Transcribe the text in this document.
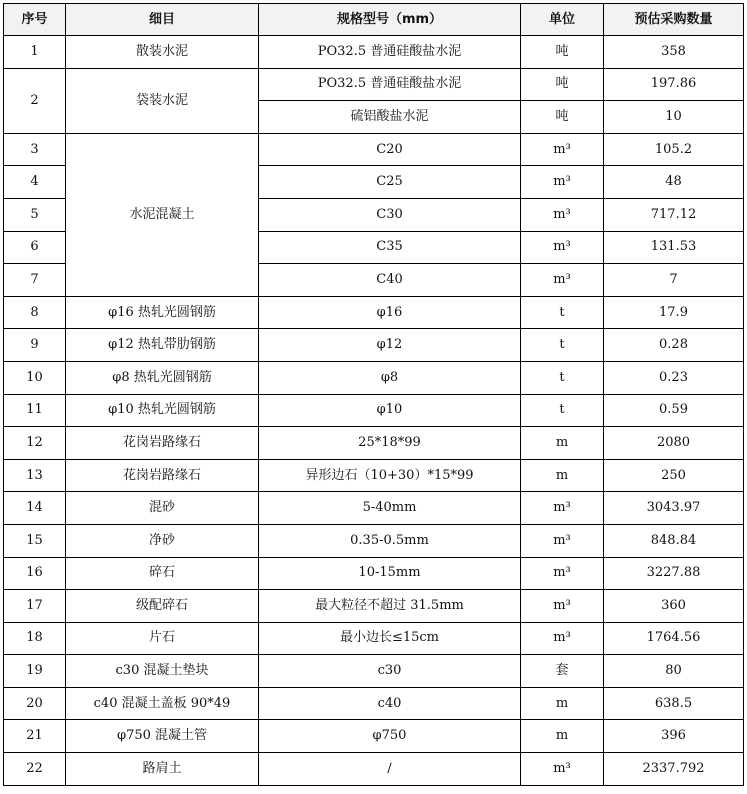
序号	细目	规格型号（mm）	单位	预估采购数量
1	散装水泥	PO32.5 普通硅酸盐水泥	吨	358
2	袋装水泥	PO32.5 普通硅酸盐水泥	吨	197.86
		硫铝酸盐水泥	吨	10
3	水泥混凝土	C20	m³	105.2
4		C25	m³	48
5		C30	m³	717.12
6		C35	m³	131.53
7		C40	m³	7
8	φ16 热轧光圆钢筋	φ16	t	17.9
9	φ12 热轧带肋钢筋	φ12	t	0.28
10	φ8 热轧光圆钢筋	φ8	t	0.23
11	φ10 热轧光圆钢筋	φ10	t	0.59
12	花岗岩路缘石	25*18*99	m	2080
13	花岗岩路缘石	异形边石（10+30）*15*99	m	250
14	混砂	5-40mm	m³	3043.97
15	净砂	0.35-0.5mm	m³	848.84
16	碎石	10-15mm	m³	3227.88
17	级配碎石	最大粒径不超过 31.5mm	m³	360
18	片石	最小边长≤15cm	m³	1764.56
19	c30 混凝土垫块	c30	套	80
20	c40 混凝土盖板 90*49	c40	m	638.5
21	φ750 混凝土管	φ750	m	396
22	路肩土	/	m³	2337.792
